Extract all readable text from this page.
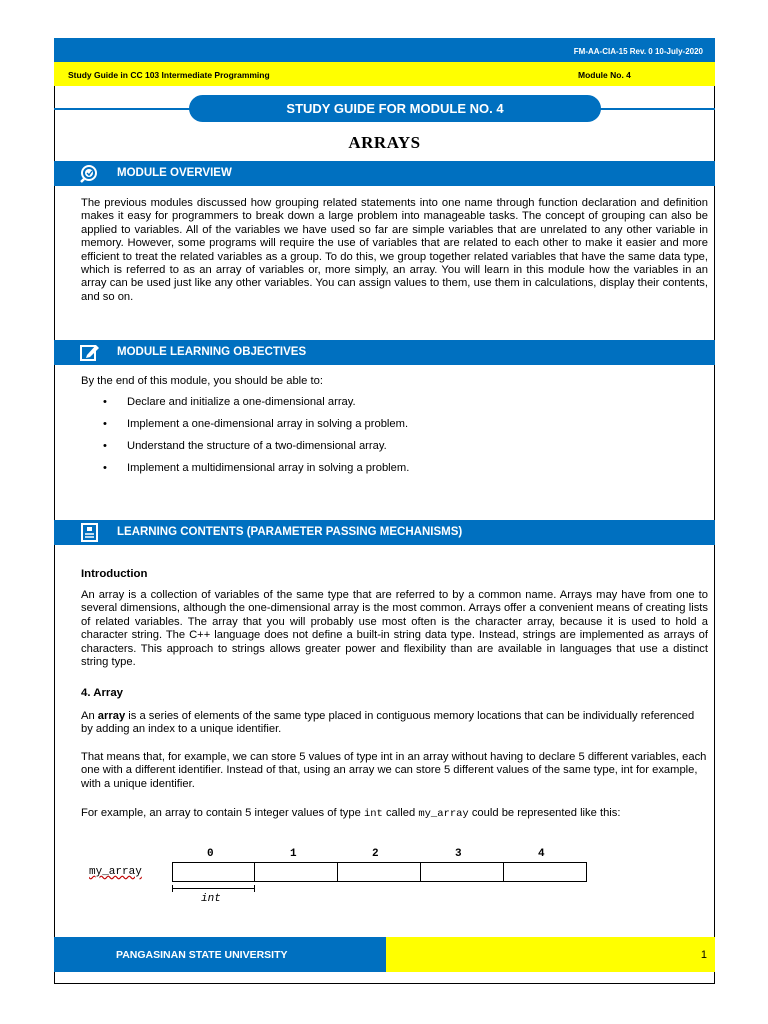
FM-AA-CIA-15 Rev. 0 10-July-2020
Study Guide in CC 103 Intermediate Programming	Module No. 4
STUDY GUIDE FOR MODULE NO. 4
ARRAYS
MODULE OVERVIEW

The previous modules discussed how grouping related statements into one name through function declaration and definition makes it easy for programmers to break down a large problem into manageable tasks. The concept of grouping can also be applied to variables. All of the variables we have used so far are simple variables that are unrelated to any other variable in memory. However, some programs will require the use of variables that are related to each other to make it easier and more efficient to treat the related variables as a group. To do this, we group together related variables that have the same data type, which is referred to as an array of variables or, more simply, an array. You will learn in this module how the variables in an array can be used just like any other variables. You can assign values to them, use them in calculations, display their contents, and so on.

MODULE LEARNING OBJECTIVES
By the end of this module, you should be able to:
• Declare and initialize a one-dimensional array.
• Implement a one-dimensional array in solving a problem.
• Understand the structure of a two-dimensional array.
• Implement a multidimensional array in solving a problem.
LEARNING CONTENTS (PARAMETER PASSING MECHANISMS)
Introduction

An array is a collection of variables of the same type that are referred to by a common name. Arrays may have from one to several dimensions, although the one-dimensional array is the most common. Arrays offer a convenient means of creating lists of related variables. The array that you will probably use most often is the character array, because it is used to hold a character string. The C++ language does not define a built-in string data type. Instead, strings are implemented as arrays of characters. This approach to strings allows greater power and flexibility than are available in languages that use a distinct string type.

4. Array

An array is a series of elements of the same type placed in contiguous memory locations that can be individually referenced by adding an index to a unique identifier.

That means that, for example, we can store 5 values of type int in an array without having to declare 5 different variables, each one with a different identifier. Instead of that, using an array we can store 5 different values of the same type, int for example, with a unique identifier.

For example, an array to contain 5 integer values of type int called my_array could be represented like this:

my_array
0	1	2	3	4
int
PANGASINAN STATE UNIVERSITY	1
